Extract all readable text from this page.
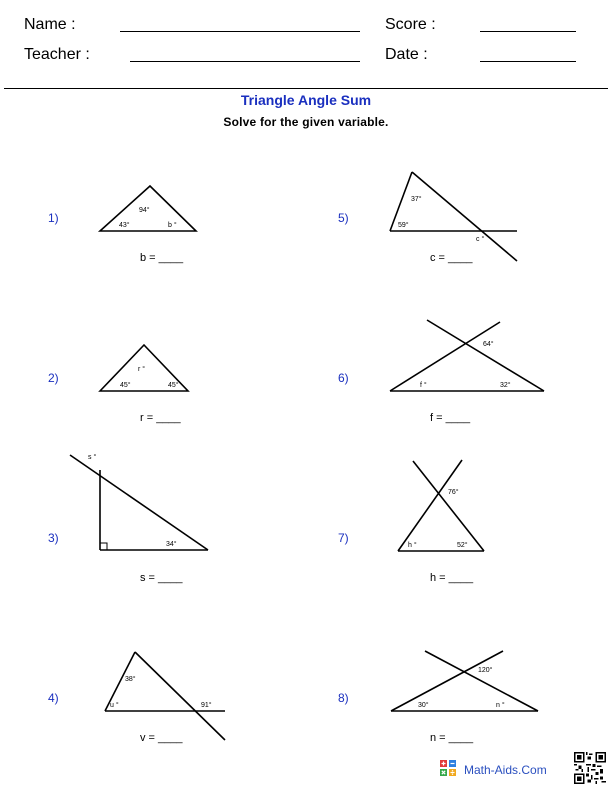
Name :
Teacher :
Score :
Date :
Triangle Angle Sum
Solve for the given variable.
1)
2)
3)
4)
5)
6)
7)
8)
b = ____
r = ____
s = ____
v = ____
c = ____
f = ____
h = ____
n = ____
94°
43°	b °
r °
45°	45°
s °
34°
38°
u °	91°
37°
59°
c °
64°
f °	32°
76°
h °	52°
120°
30°	n °
Math-Aids.Com
